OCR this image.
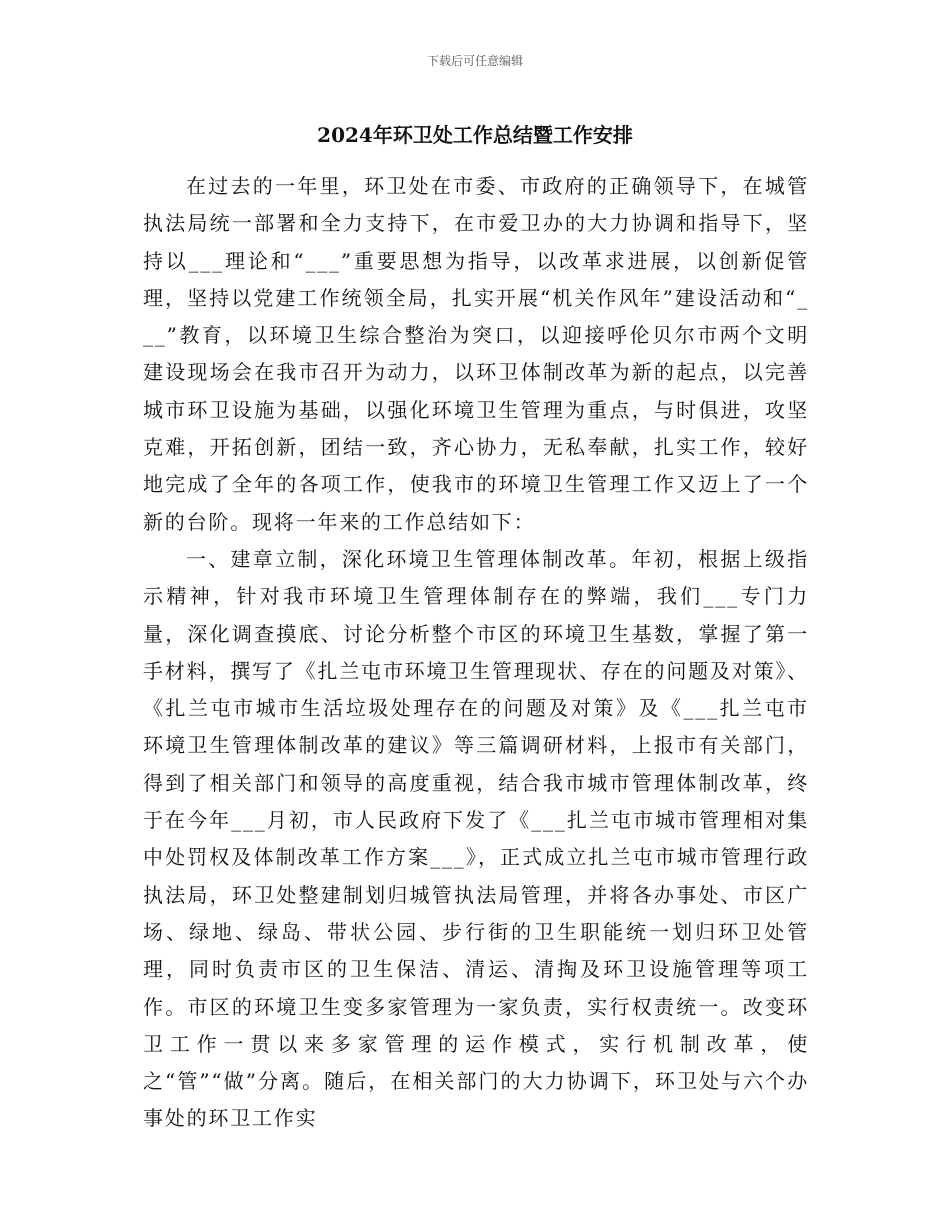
下载后可任意编辑
2024年环卫处工作总结暨工作安排

在过去的一年里，环卫处在市委、市政府的正确领导下，在城管执法局统一部署和全力支持下，在市爱卫办的大力协调和指导下，坚持以___理论和“___”重要思想为指导，以改革求进展，以创新促管理，坚持以党建工作统领全局，扎实开展“机关作风年”建设活动和“___”教育，以环境卫生综合整治为突口，以迎接呼伦贝尔市两个文明建设现场会在我市召开为动力，以环卫体制改革为新的起点，以完善城市环卫设施为基础，以强化环境卫生管理为重点，与时俱进，攻坚克难，开拓创新，团结一致，齐心协力，无私奉献，扎实工作，较好地完成了全年的各项工作，使我市的环境卫生管理工作又迈上了一个新的台阶。现将一年来的工作总结如下：

一、建章立制，深化环境卫生管理体制改革。年初，根据上级指示精神，针对我市环境卫生管理体制存在的弊端，我们___专门力量，深化调查摸底、讨论分析整个市区的环境卫生基数，掌握了第一手材料，撰写了《扎兰屯市环境卫生管理现状、存在的问题及对策》、《扎兰屯市城市生活垃圾处理存在的问题及对策》及《___扎兰屯市环境卫生管理体制改革的建议》等三篇调研材料，上报市有关部门，得到了相关部门和领导的高度重视，结合我市城市管理体制改革，终于在今年___月初，市人民政府下发了《___扎兰屯市城市管理相对集中处罚权及体制改革工作方案___》，正式成立扎兰屯市城市管理行政执法局，环卫处整建制划归城管执法局管理，并将各办事处、市区广场、绿地、绿岛、带状公园、步行街的卫生职能统一划归环卫处管理，同时负责市区的卫生保洁、清运、清掏及环卫设施管理等项工作。市区的环境卫生变多家管理为一家负责，实行权责统一。改变环卫工作一贯以来多家管理的运作模式，实行机制改革，使之“管”“做”分离。随后，在相关部门的大力协调下，环卫处与六个办事处的环卫工作实
